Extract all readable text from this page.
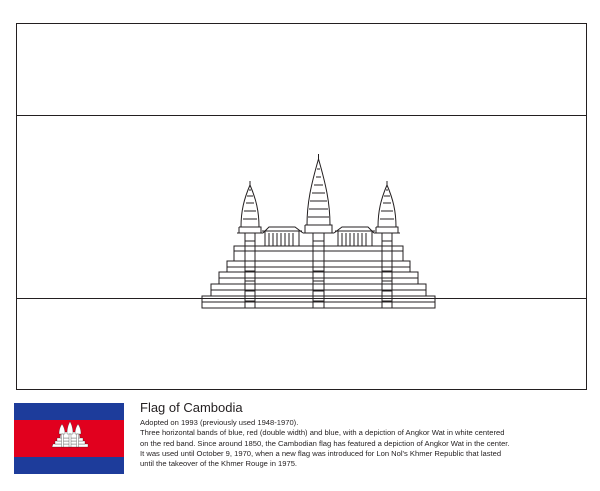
Flag of Cambodia

Adopted on 1993 (previously used 1948-1970).

Three horizontal bands of blue, red (double width) and blue, with a depiction of Angkor Wat in white centered

on the red band. Since around 1850, the Cambodian flag has featured a depiction of Angkor Wat in the center.

It was used until October 9, 1970, when a new flag was introduced for Lon Nol's Khmer Republic that lasted

until the takeover of the Khmer Rouge in 1975.
